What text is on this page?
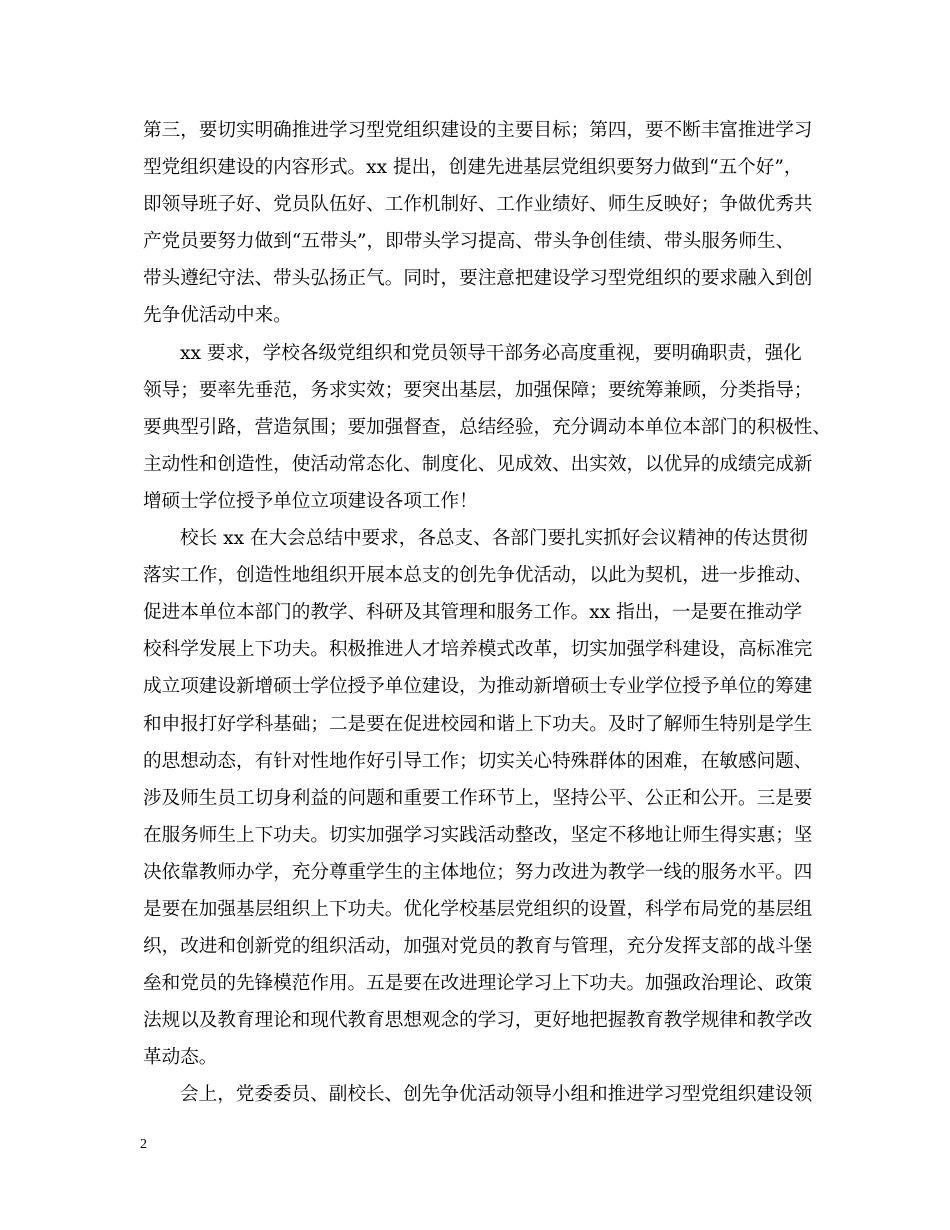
第三，要切实明确推进学习型党组织建设的主要目标；第四，要不断丰富推进学习
型党组织建设的内容形式。xx 提出，创建先进基层党组织要努力做到“五个好”，
即领导班子好、党员队伍好、工作机制好、工作业绩好、师生反映好；争做优秀共
产党员要努力做到“五带头”，即带头学习提高、带头争创佳绩、带头服务师生、
带头遵纪守法、带头弘扬正气。同时，要注意把建设学习型党组织的要求融入到创
先争优活动中来。
xx 要求，学校各级党组织和党员领导干部务必高度重视，要明确职责，强化
领导；要率先垂范，务求实效；要突出基层，加强保障；要统筹兼顾，分类指导；
要典型引路，营造氛围；要加强督查，总结经验，充分调动本单位本部门的积极性、
主动性和创造性，使活动常态化、制度化、见成效、出实效，以优异的成绩完成新
增硕士学位授予单位立项建设各项工作！
校长 xx 在大会总结中要求，各总支、各部门要扎实抓好会议精神的传达贯彻
落实工作，创造性地组织开展本总支的创先争优活动，以此为契机，进一步推动、
促进本单位本部门的教学、科研及其管理和服务工作。xx 指出，一是要在推动学
校科学发展上下功夫。积极推进人才培养模式改革，切实加强学科建设，高标准完
成立项建设新增硕士学位授予单位建设，为推动新增硕士专业学位授予单位的筹建
和申报打好学科基础；二是要在促进校园和谐上下功夫。及时了解师生特别是学生
的思想动态，有针对性地作好引导工作；切实关心特殊群体的困难，在敏感问题、
涉及师生员工切身利益的问题和重要工作环节上，坚持公平、公正和公开。三是要
在服务师生上下功夫。切实加强学习实践活动整改，坚定不移地让师生得实惠；坚
决依靠教师办学，充分尊重学生的主体地位；努力改进为教学一线的服务水平。四
是要在加强基层组织上下功夫。优化学校基层党组织的设置，科学布局党的基层组
织，改进和创新党的组织活动，加强对党员的教育与管理，充分发挥支部的战斗堡
垒和党员的先锋模范作用。五是要在改进理论学习上下功夫。加强政治理论、政策
法规以及教育理论和现代教育思想观念的学习，更好地把握教育教学规律和教学改
革动态。
会上，党委委员、副校长、创先争优活动领导小组和推进学习型党组织建设领
2
